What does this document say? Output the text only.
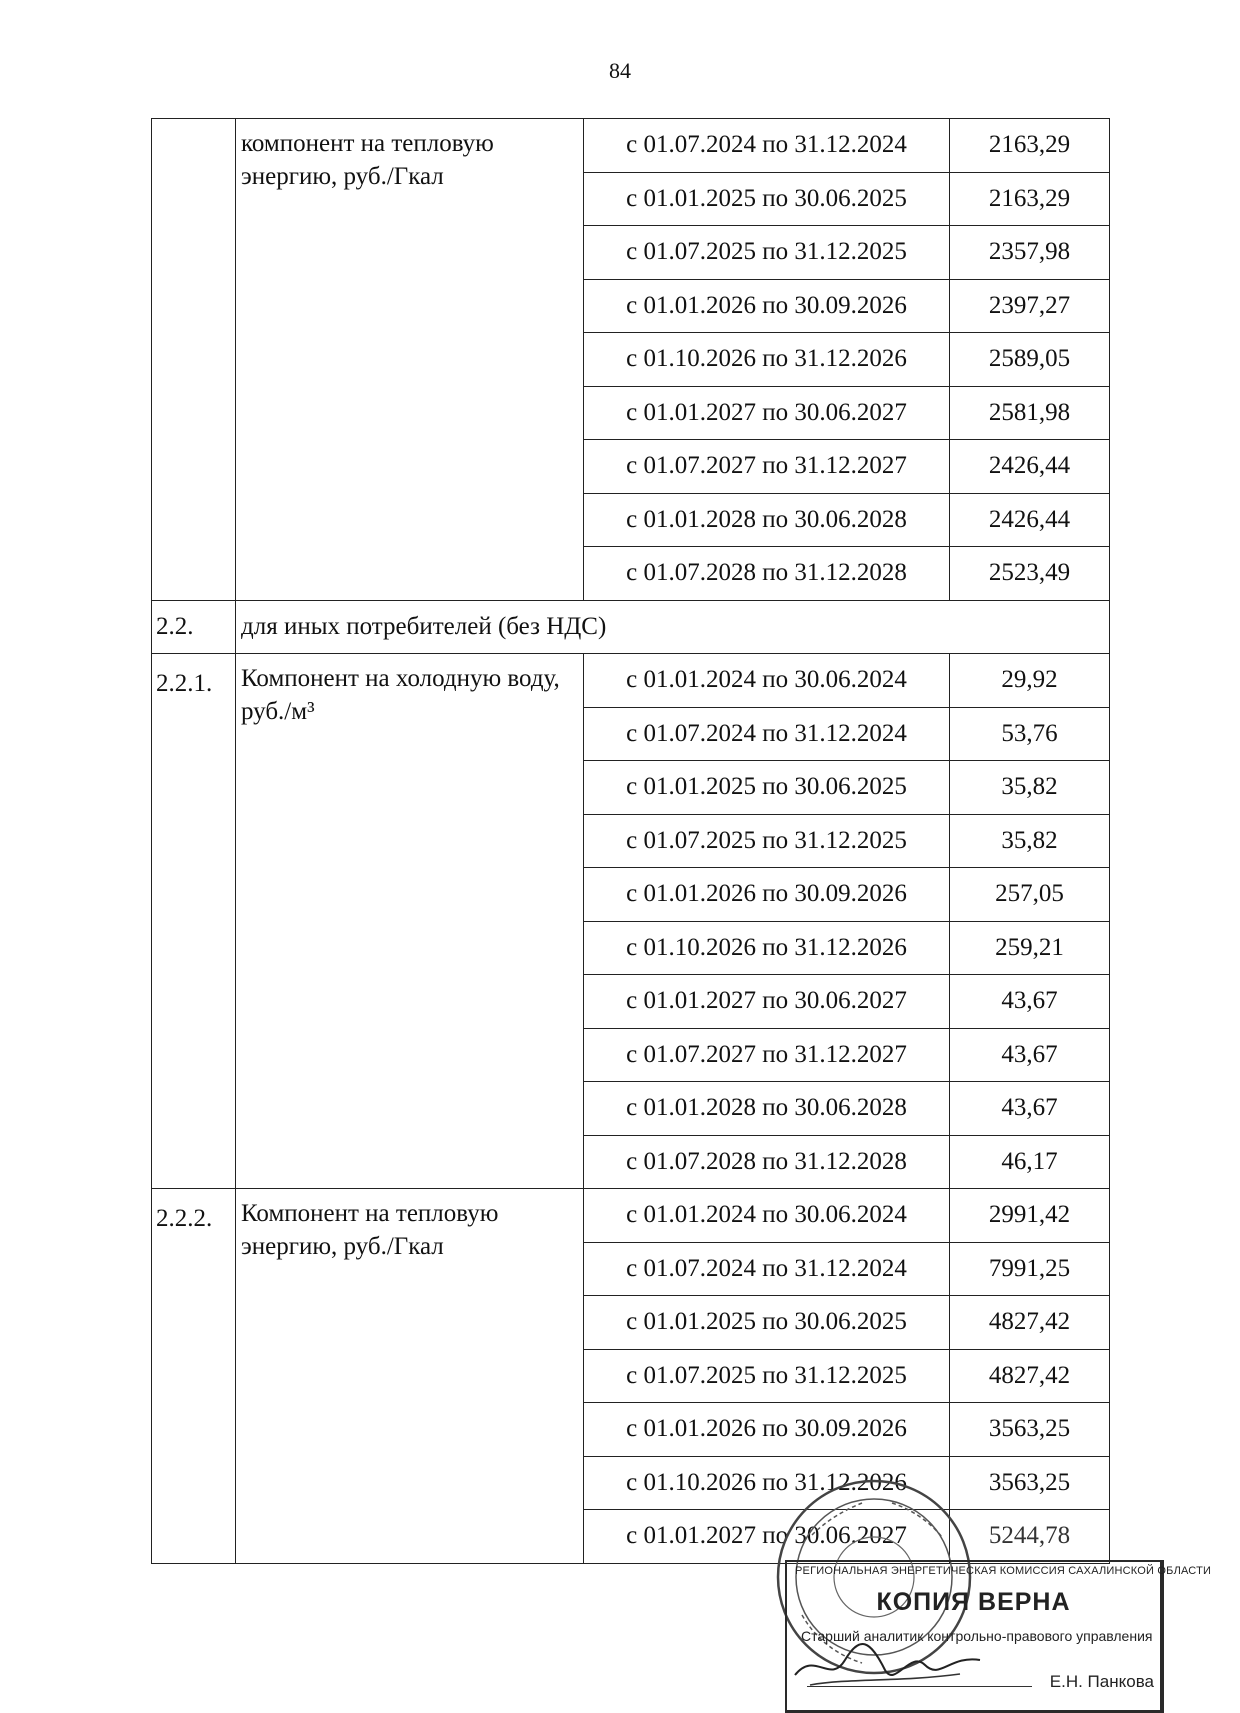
84
	компонент на тепловую энергию, руб./Гкал	с 01.07.2024 по 31.12.2024	2163,29
		с 01.01.2025 по 30.06.2025	2163,29
		с 01.07.2025 по 31.12.2025	2357,98
		с 01.01.2026 по 30.09.2026	2397,27
		с 01.10.2026 по 31.12.2026	2589,05
		с 01.01.2027 по 30.06.2027	2581,98
		с 01.07.2027 по 31.12.2027	2426,44
		с 01.01.2028 по 30.06.2028	2426,44
		с 01.07.2028 по 31.12.2028	2523,49
2.2.	для иных потребителей (без НДС)		
2.2.1.	Компонент на холодную воду, руб./м³	с 01.01.2024 по 30.06.2024	29,92
		с 01.07.2024 по 31.12.2024	53,76
		с 01.01.2025 по 30.06.2025	35,82
		с 01.07.2025 по 31.12.2025	35,82
		с 01.01.2026 по 30.09.2026	257,05
		с 01.10.2026 по 31.12.2026	259,21
		с 01.01.2027 по 30.06.2027	43,67
		с 01.07.2027 по 31.12.2027	43,67
		с 01.01.2028 по 30.06.2028	43,67
		с 01.07.2028 по 31.12.2028	46,17
2.2.2.	Компонент на тепловую энергию, руб./Гкал	с 01.01.2024 по 30.06.2024	2991,42
		с 01.07.2024 по 31.12.2024	7991,25
		с 01.01.2025 по 30.06.2025	4827,42
		с 01.07.2025 по 31.12.2025	4827,42
		с 01.01.2026 по 30.09.2026	3563,25
		с 01.10.2026 по 31.12.2026	3563,25
		с 01.01.2027 по 30.06.2027	5244,78
РЕГИОНАЛЬНАЯ ЭНЕРГЕТИЧЕСКАЯ КОМИССИЯ САХАЛИНСКОЙ ОБЛАСТИ
КОПИЯ ВЕРНА
Старший аналитик контрольно-правового управления
Е.Н. Панкова
